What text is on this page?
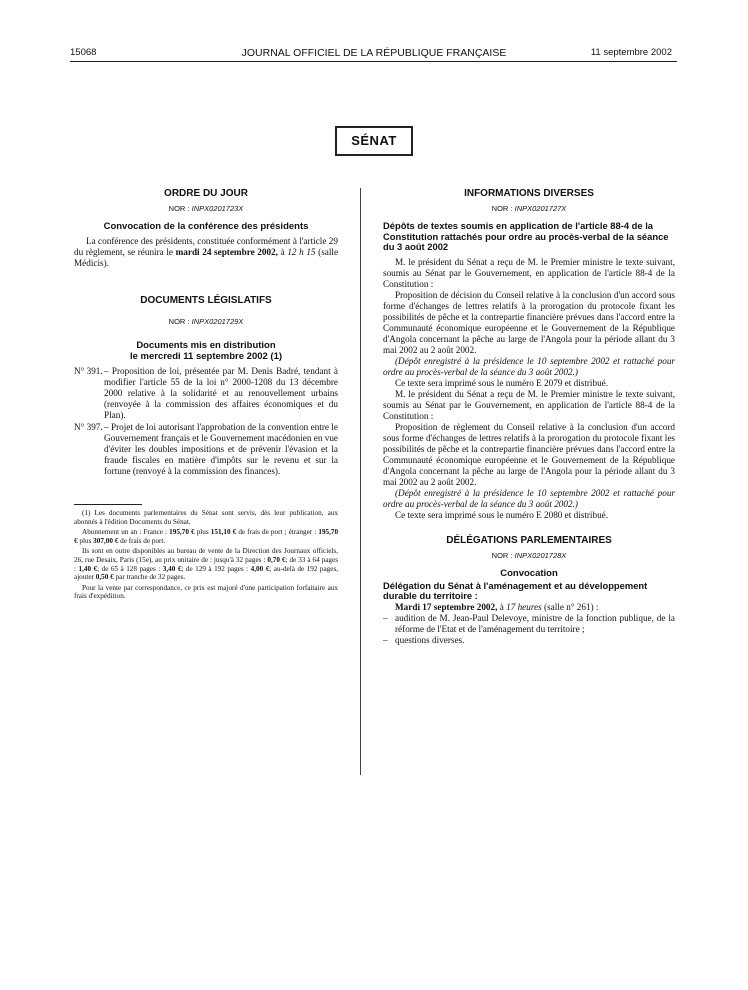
15068	JOURNAL OFFICIEL DE LA RÉPUBLIQUE FRANÇAISE	11 septembre 2002
SÉNAT
ORDRE DU JOUR
NOR : INPX0201723X
Convocation de la conférence des présidents

La conférence des présidents, constituée conformément à l'article 29 du règlement, se réunira le mardi 24 septembre 2002, à 12 h 15 (salle Médicis).

DOCUMENTS LÉGISLATIFS
NOR : INPX0201729X
Documents mis en distribution
le mercredi 11 septembre 2002 (1)
N° 391. – Proposition de loi, présentée par M. Denis Badré, tendant à modifier l'article 55 de la loi n° 2000-1208 du 13 décembre 2000 relative à la solidarité et au renouvellement urbains (renvoyée à la commission des affaires économiques et du Plan).
N° 397. – Projet de loi autorisant l'approbation de la convention entre le Gouvernement français et le Gouvernement macédonien en vue d'éviter les doubles impositions et de prévenir l'évasion et la fraude fiscales en matière d'impôts sur le revenu et sur la fortune (renvoyé à la commission des finances).

(1) Les documents parlementaires du Sénat sont servis, dès leur publication, aux abonnés à l'édition Documents du Sénat.

Abonnement un an : France : 195,70 € plus 151,10 € de frais de port ; étranger : 195,70 € plus 307,00 € de frais de port.

Ils sont en outre disponibles au bureau de vente de la Direction des Journaux officiels, 26, rue Desaix, Paris (15e), au prix unitaire de : jusqu'à 32 pages : 0,70 €; de 33 à 64 pages : 1,40 €; de 65 à 128 pages : 3,40 €; de 129 à 192 pages : 4,00 €; au-delà de 192 pages, ajouter 0,50 € par tranche de 32 pages.

Pour la vente par correspondance, ce prix est majoré d'une participation forfaitaire aux frais d'expédition.

INFORMATIONS DIVERSES
NOR : INPX0201727X
Dépôts de textes soumis en application de l'article 88-4 de la Constitution rattachés pour ordre au procès-verbal de la séance du 3 août 2002

M. le président du Sénat a reçu de M. le Premier ministre le texte suivant, soumis au Sénat par le Gouvernement, en application de l'article 88-4 de la Constitution :

Proposition de décision du Conseil relative à la conclusion d'un accord sous forme d'échanges de lettres relatifs à la prorogation du protocole fixant les possibilités de pêche et la contrepartie financière prévues dans l'accord entre la Communauté économique européenne et le Gouvernement de la République d'Angola concernant la pêche au large de l'Angola pour la période allant du 3 mai 2002 au 2 août 2002.

(Dépôt enregistré à la présidence le 10 septembre 2002 et rattaché pour ordre au procès-verbal de la séance du 3 août 2002.)

Ce texte sera imprimé sous le numéro E 2079 et distribué.

M. le président du Sénat a reçu de M. le Premier ministre le texte suivant, soumis au Sénat par le Gouvernement, en application de l'article 88-4 de la Constitution :

Proposition de règlement du Conseil relative à la conclusion d'un accord sous forme d'échanges de lettres relatifs à la prorogation du protocole fixant les possibilités de pêche et la contrepartie financière prévues dans l'accord entre la Communauté économique européenne et le Gouvernement de la République d'Angola concernant la pêche au large de l'Angola pour la période allant du 3 mai 2002 au 2 août 2002.

(Dépôt enregistré à la présidence le 10 septembre 2002 et rattaché pour ordre au procès-verbal de la séance du 3 août 2002.)

Ce texte sera imprimé sous le numéro E 2080 et distribué.

DÉLÉGATIONS PARLEMENTAIRES
NOR : INPX0201728X
Convocation
Délégation du Sénat à l'aménagement et au développement durable du territoire :

Mardi 17 septembre 2002, à 17 heures (salle n° 261) :

– audition de M. Jean-Paul Delevoye, ministre de la fonction publique, de la réforme de l'Etat et de l'aménagement du territoire ;
– questions diverses.
